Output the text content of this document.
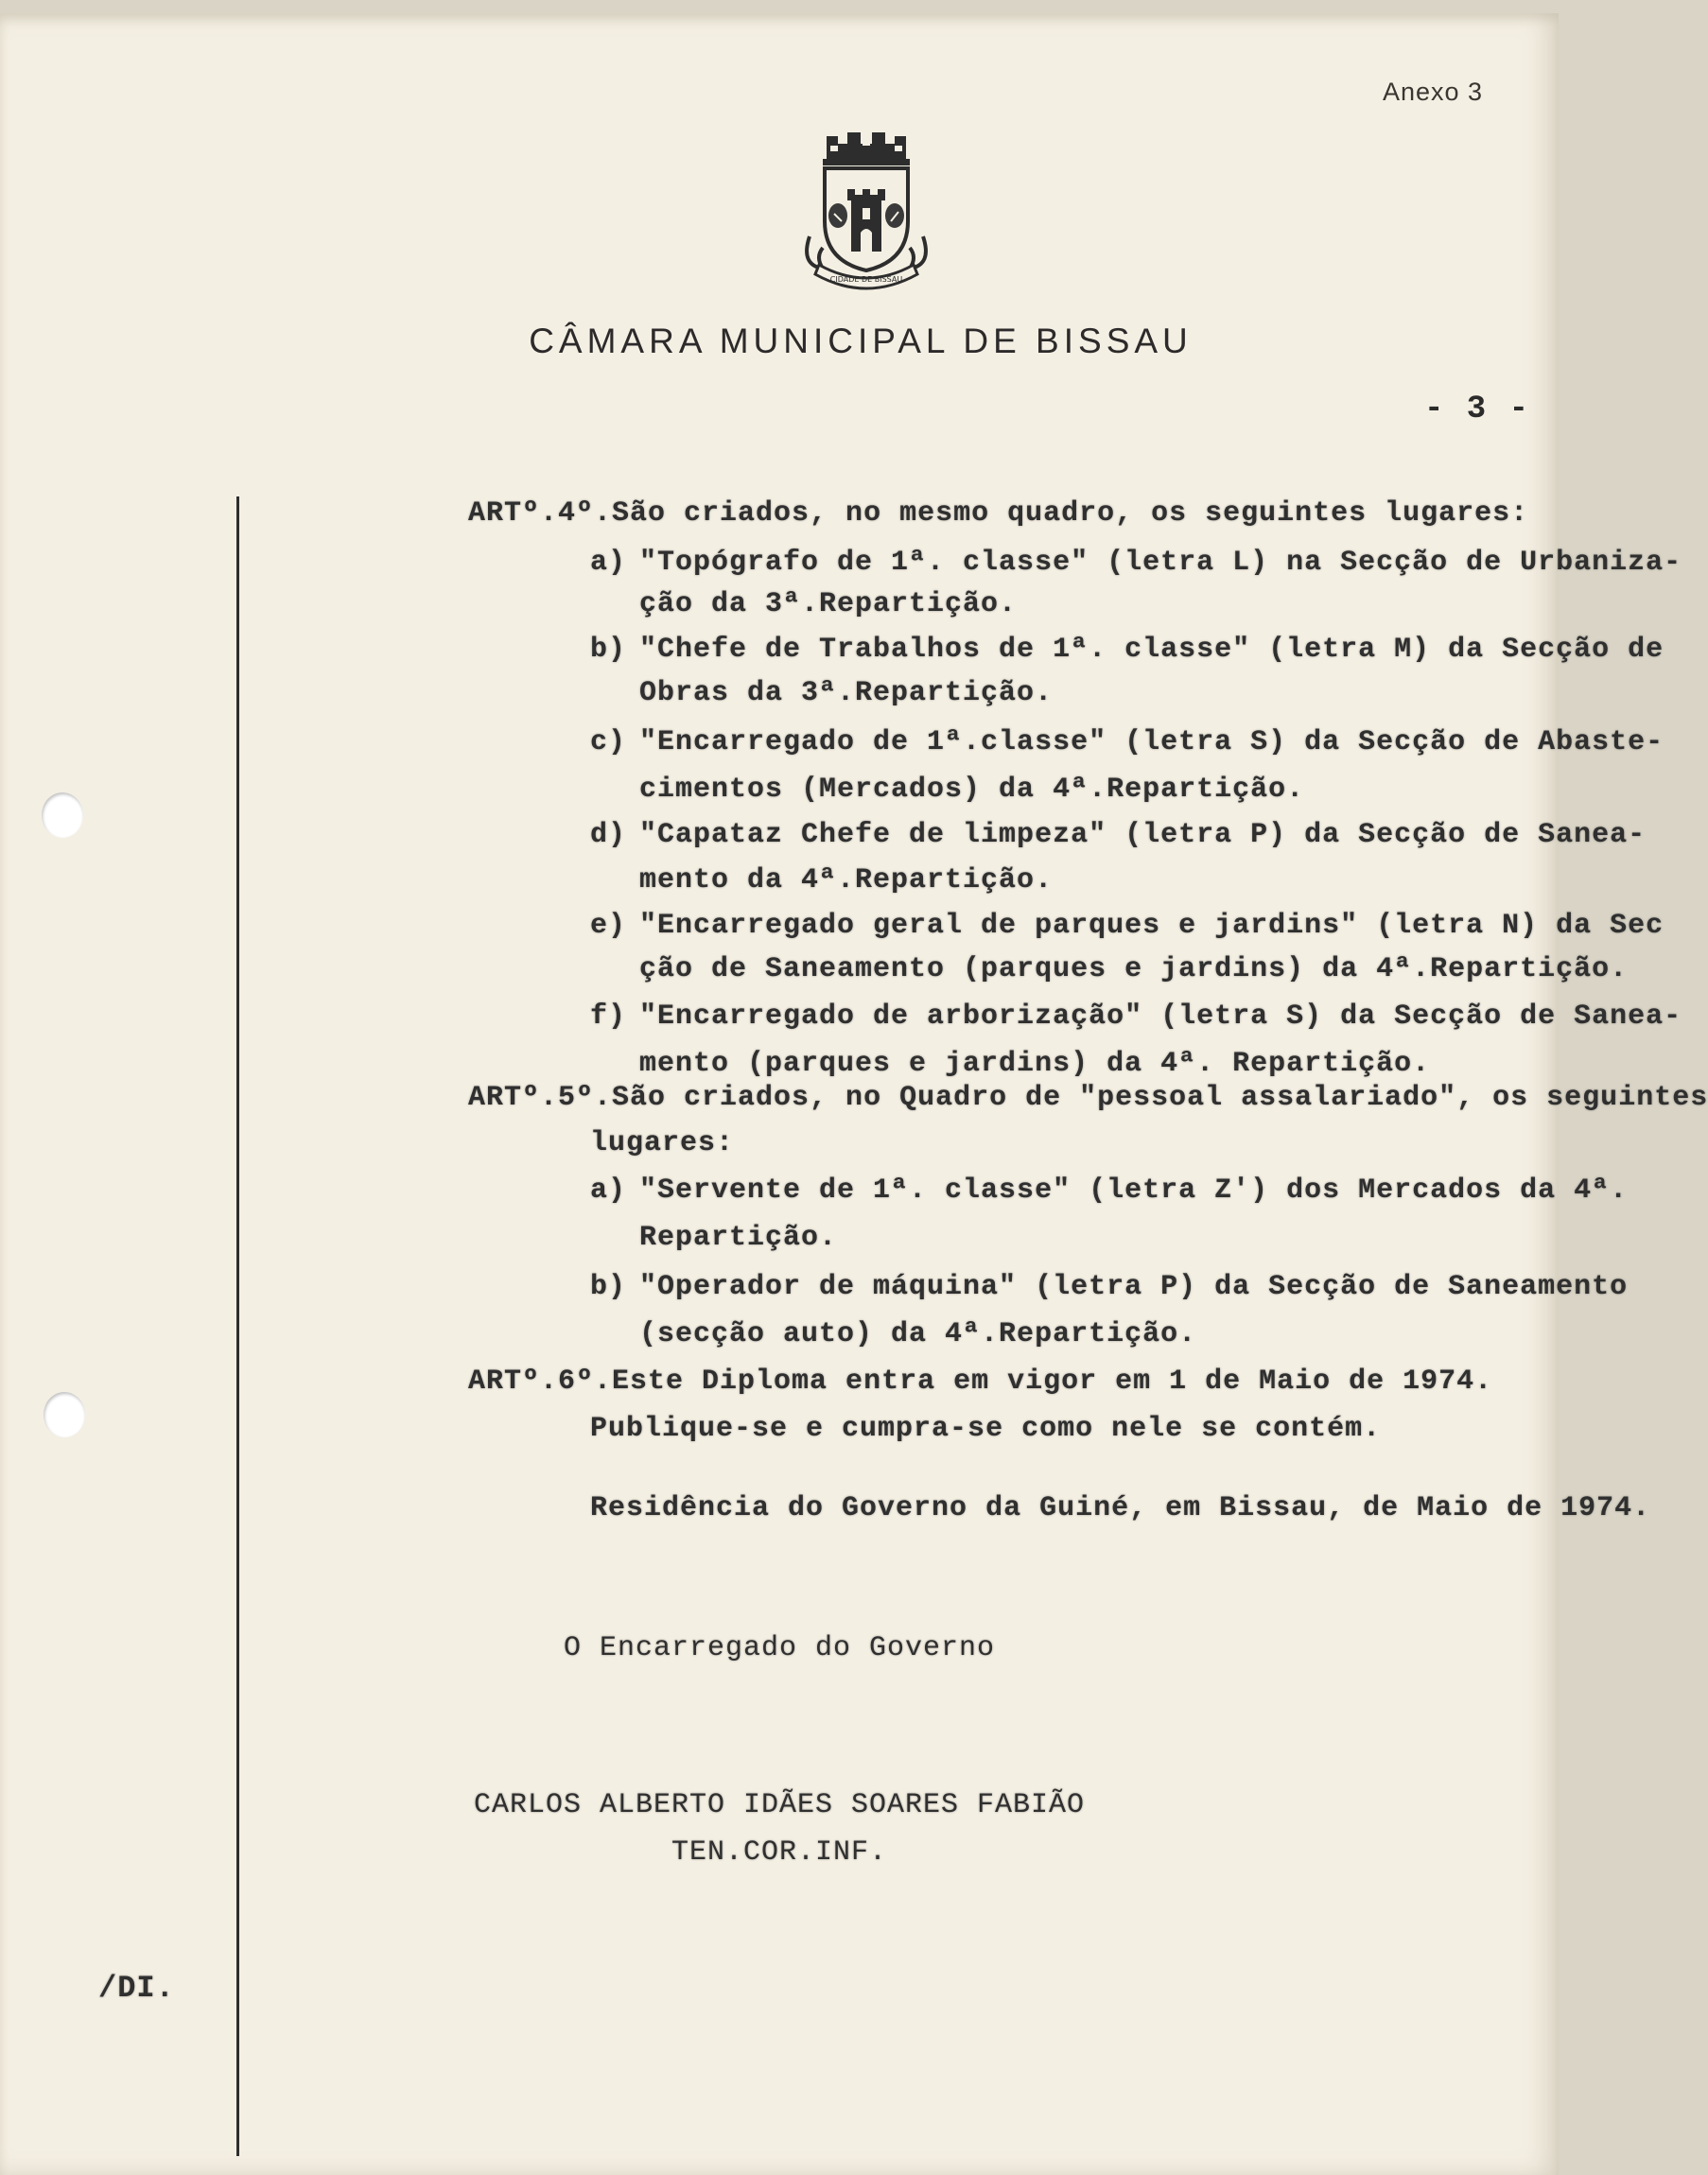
Anexo 3
CIDADE DE BISSAU
CÂMARA MUNICIPAL DE BISSAU
- 3 -
ARTº.4º.São criados, no mesmo quadro, os seguintes lugares:
a) "Topógrafo de 1ª. classe" (letra L) na Secção de Urbaniza-
ção da 3ª.Repartição.
b) "Chefe de Trabalhos de 1ª. classe" (letra M) da Secção de
Obras da 3ª.Repartição.
c) "Encarregado de 1ª.classe" (letra S) da Secção de Abaste-
cimentos (Mercados) da 4ª.Repartição.
d) "Capataz Chefe de limpeza" (letra P) da Secção de Sanea-
mento da 4ª.Repartição.
e) "Encarregado geral de parques e jardins" (letra N) da Sec
ção de Saneamento (parques e jardins) da 4ª.Repartição.
f) "Encarregado de arborização" (letra S) da Secção de Sanea-
mento (parques e jardins) da 4ª. Repartição.
ARTº.5º.São criados, no Quadro de "pessoal assalariado", os seguintes
lugares:
a) "Servente de 1ª. classe" (letra Z') dos Mercados da 4ª.
Repartição.
b) "Operador de máquina" (letra P) da Secção de Saneamento
(secção auto) da 4ª.Repartição.
ARTº.6º.Este Diploma entra em vigor em 1 de Maio de 1974.
Publique-se e cumpra-se como nele se contém.
Residência do Governo da Guiné, em Bissau, de Maio de 1974.
O Encarregado do Governo
CARLOS ALBERTO IDÃES SOARES FABIÃO
TEN.COR.INF.
/DI.
